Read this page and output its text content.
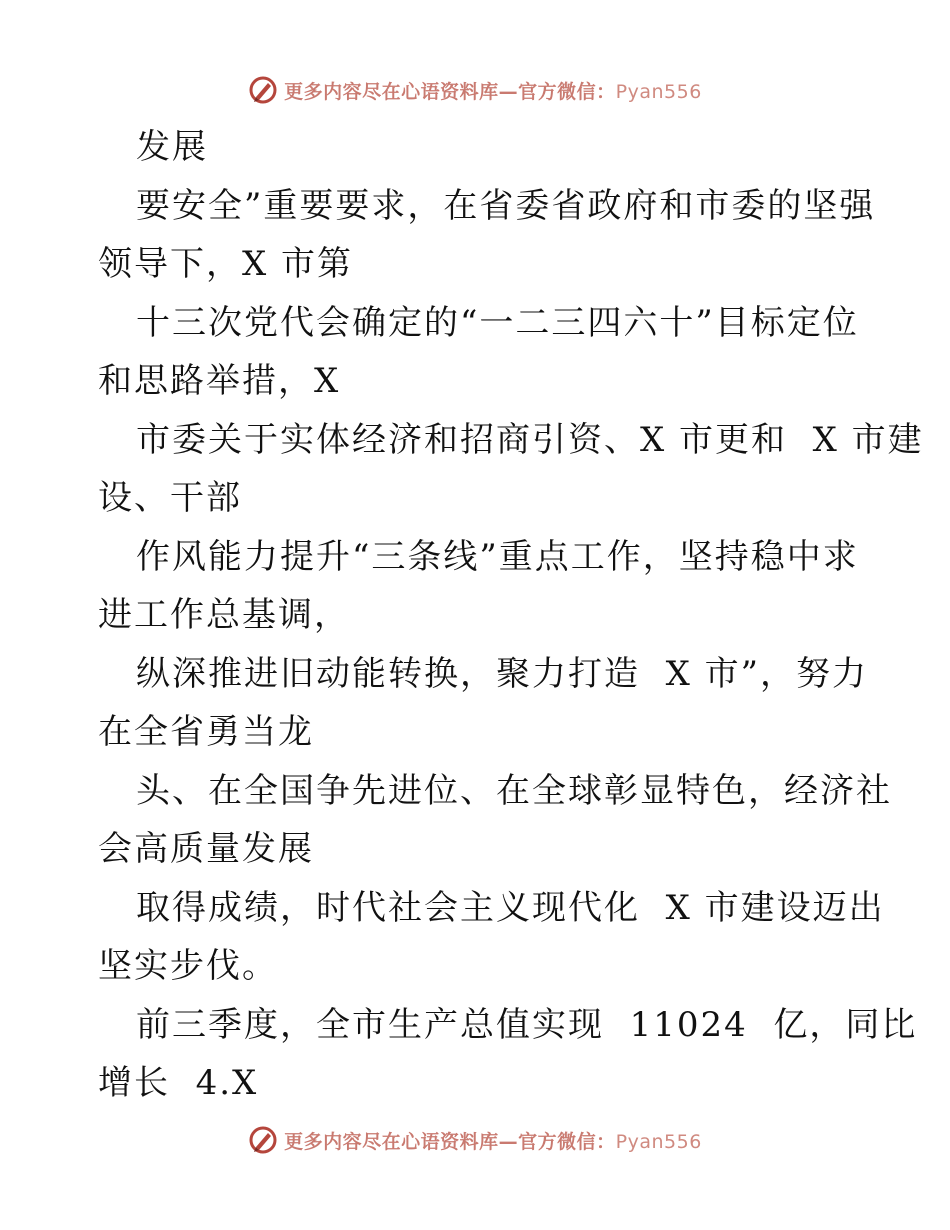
更多内容尽在心语资料库—官方微信：Pyan556
发展
要安全”重要要求，在省委省政府和市委的坚强
领导下，X 市第
十三次党代会确定的“一二三四六十”目标定位
和思路举措，X
市委关于实体经济和招商引资、X 市更和  X 市建
设、干部
作风能力提升“三条线”重点工作，坚持稳中求
进工作总基调，
纵深推进旧动能转换，聚力打造  X 市”，努力
在全省勇当龙
头、在全国争先进位、在全球彰显特色，经济社
会高质量发展
取得成绩，时代社会主义现代化  X 市建设迈出
坚实步伐。
前三季度，全市生产总值实现  11024  亿，同比
增长  4.X
更多内容尽在心语资料库—官方微信：Pyan556
